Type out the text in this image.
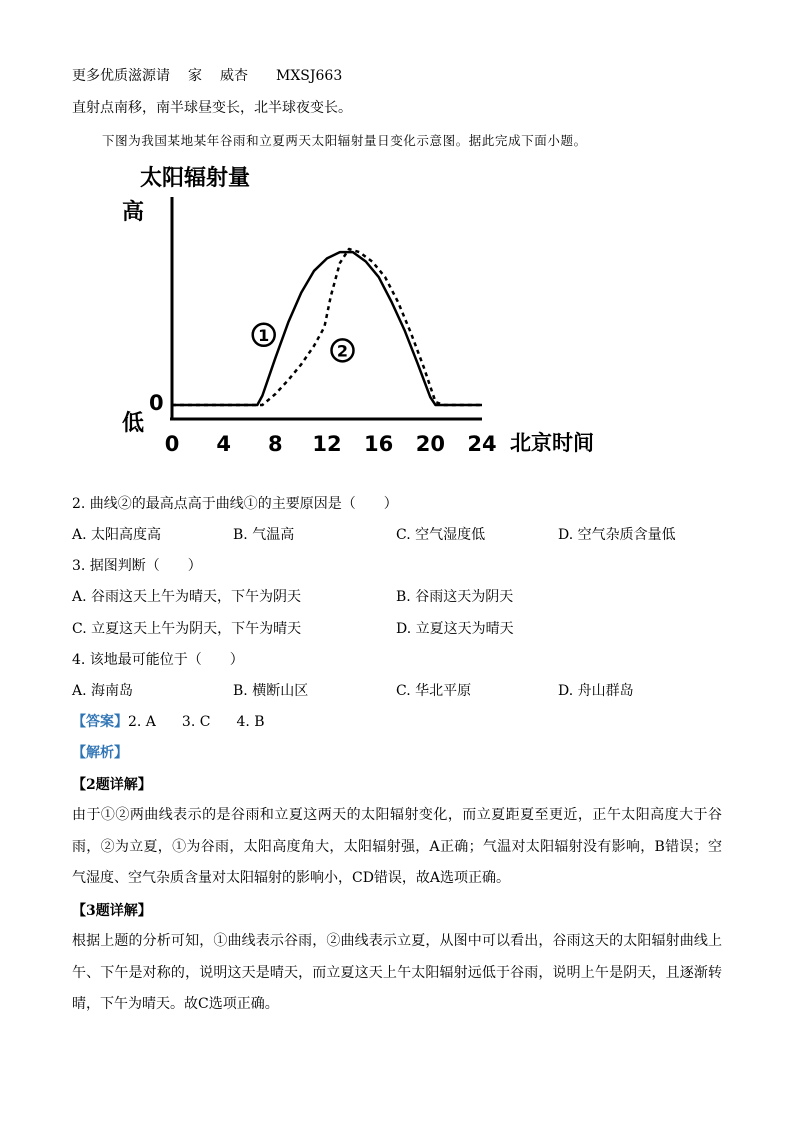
更多优质滋源请 家 威杏 MXSJ663
直射点南移，南半球昼变长，北半球夜变长。
下图为我国某地某年谷雨和立夏两天太阳辐射量日变化示意图。据此完成下面小题。
太阳辐射量
高
低
0
0 4 8 12 16 20 24 北京时间
1
2
2. 曲线②的最高点高于曲线①的主要原因是（　　）
A. 太阳高度高	B. 气温高	C. 空气湿度低	D. 空气杂质含量低
3. 据图判断（　　）
A. 谷雨这天上午为晴天，下午为阴天	B. 谷雨这天为阴天
C. 立夏这天上午为阴天，下午为晴天	D. 立夏这天为晴天
4. 该地最可能位于（　　）
A. 海南岛	B. 横断山区	C. 华北平原	D. 舟山群岛
【答案】2. A 3. C 4. B
【解析】
【2题详解】
由于①②两曲线表示的是谷雨和立夏这两天的太阳辐射变化，而立夏距夏至更近，正午太阳高度大于谷雨，②为立夏，①为谷雨，太阳高度角大，太阳辐射强，A正确；气温对太阳辐射没有影响，B错误；空气湿度、空气杂质含量对太阳辐射的影响小，CD错误，故A选项正确。
【3题详解】
根据上题的分析可知，①曲线表示谷雨，②曲线表示立夏，从图中可以看出，谷雨这天的太阳辐射曲线上午、下午是对称的，说明这天是晴天，而立夏这天上午太阳辐射远低于谷雨，说明上午是阴天，且逐渐转晴，下午为晴天。故C选项正确。
